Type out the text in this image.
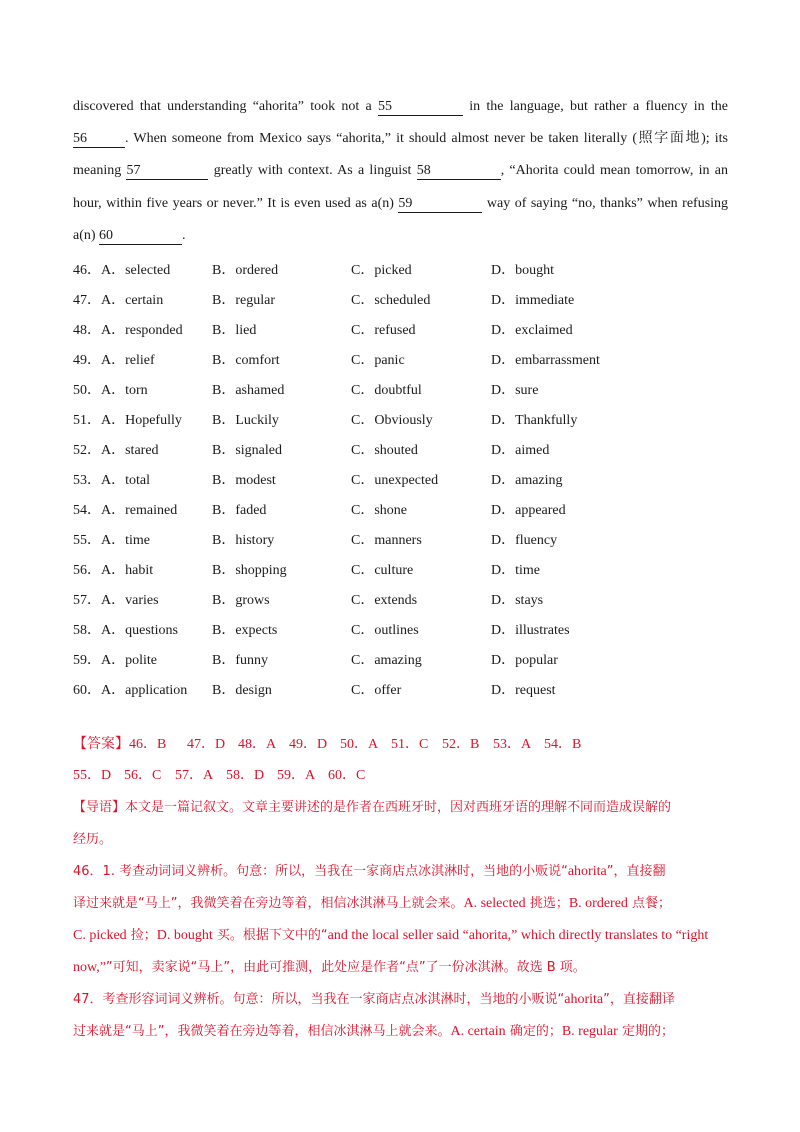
discovered that understanding “ahorita” took not a 55	in the language, but rather a fluency in the
56	. When someone from Mexico says “ahorita,” it should almost never be taken literally (照字面地); its
meaning 57	greatly with context. As a linguist 58	, “Ahorita could mean tomorrow, in an
hour, within five years or never.” It is even used as a(n) 59	way of saying “no, thanks” when refusing
a(n) 60	.
46．A．selected	B．ordered	C．picked	D．bought
47．A．certain	B．regular	C．scheduled	D．immediate
48．A．responded	B．lied	C．refused	D．exclaimed
49．A．relief	B．comfort	C．panic	D．embarrassment
50．A．torn	B．ashamed	C．doubtful	D．sure
51．A．Hopefully	B．Luckily	C．Obviously	D．Thankfully
52．A．stared	B．signaled	C．shouted	D．aimed
53．A．total	B．modest	C．unexpected	D．amazing
54．A．remained	B．faded	C．shone	D．appeared
55．A．time	B．history	C．manners	D．fluency
56．A．habit	B．shopping	C．culture	D．time
57．A．varies	B．grows	C．extends	D．stays
58．A．questions	B．expects	C．outlines	D．illustrates
59．A．polite	B．funny	C．amazing	D．popular
60．A．application	B．design	C．offer	D．request
【答案】46．B 47．D 48．A 49．D 50．A 51．C 52．B 53．A 54．B
55．D 56．C 57．A 58．D 59．A 60．C
【导语】本文是一篇记叙文。文章主要讲述的是作者在西班牙时，因对西班牙语的理解不同而造成误解的
经历。
46．1. 考查动词词义辨析。句意：所以，当我在一家商店点冰淇淋时，当地的小贩说“ahorita”，直接翻
译过来就是“马上”，我微笑着在旁边等着，相信冰淇淋马上就会来。A. selected 挑选；B. ordered 点餐；
C. picked 捡；D. bought 买。根据下文中的“and the local seller said “ahorita,” which directly translates to “right
now,””可知，卖家说“马上”，由此可推测，此处应是作者“点”了一份冰淇淋。故选 B 项。
47．考查形容词词义辨析。句意：所以，当我在一家商店点冰淇淋时，当地的小贩说“ahorita”，直接翻译
过来就是“马上”，我微笑着在旁边等着，相信冰淇淋马上就会来。A. certain 确定的；B. regular 定期的；
